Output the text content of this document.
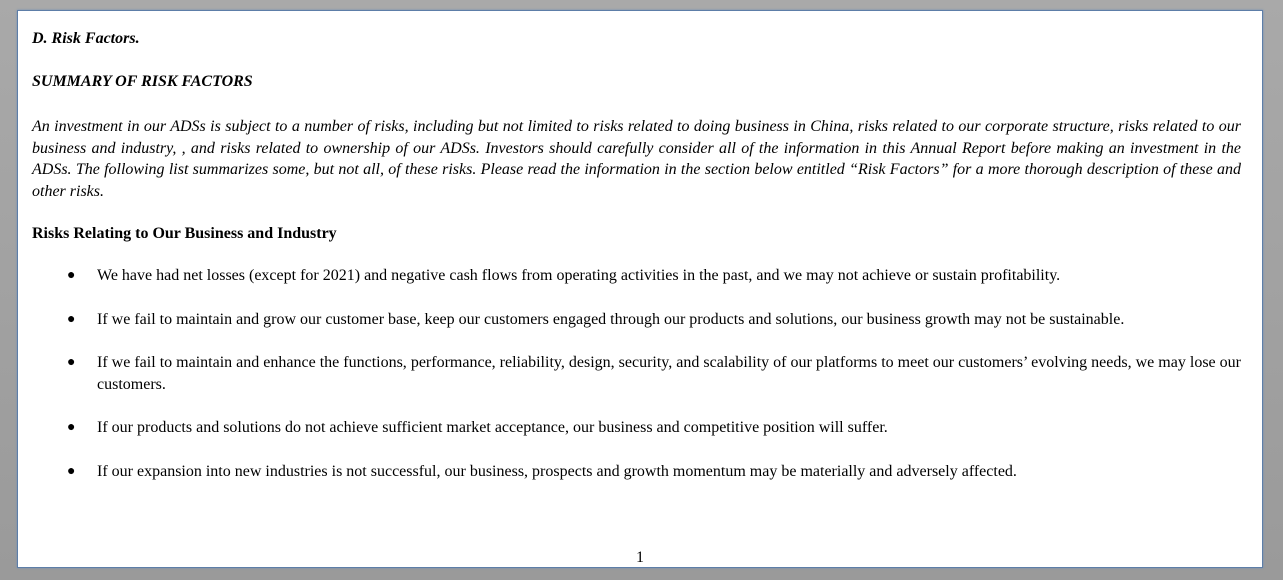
D. Risk Factors.

SUMMARY OF RISK FACTORS

An investment in our ADSs is subject to a number of risks, including but not limited to risks related to doing business in China, risks related to our corporate structure, risks related to our business and industry, , and risks related to ownership of our ADSs. Investors should carefully consider all of the information in this Annual Report before making an investment in the ADSs. The following list summarizes some, but not all, of these risks. Please read the information in the section below entitled “Risk Factors” for a more thorough description of these and other risks.

Risks Relating to Our Business and Industry

● We have had net losses (except for 2021) and negative cash flows from operating activities in the past, and we may not achieve or sustain profitability.
● If we fail to maintain and grow our customer base, keep our customers engaged through our products and solutions, our business growth may not be sustainable.
● If we fail to maintain and enhance the functions, performance, reliability, design, security, and scalability of our platforms to meet our customers’ evolving needs, we may lose our customers.
● If our products and solutions do not achieve sufficient market acceptance, our business and competitive position will suffer.
● If our expansion into new industries is not successful, our business, prospects and growth momentum may be materially and adversely affected.
1
